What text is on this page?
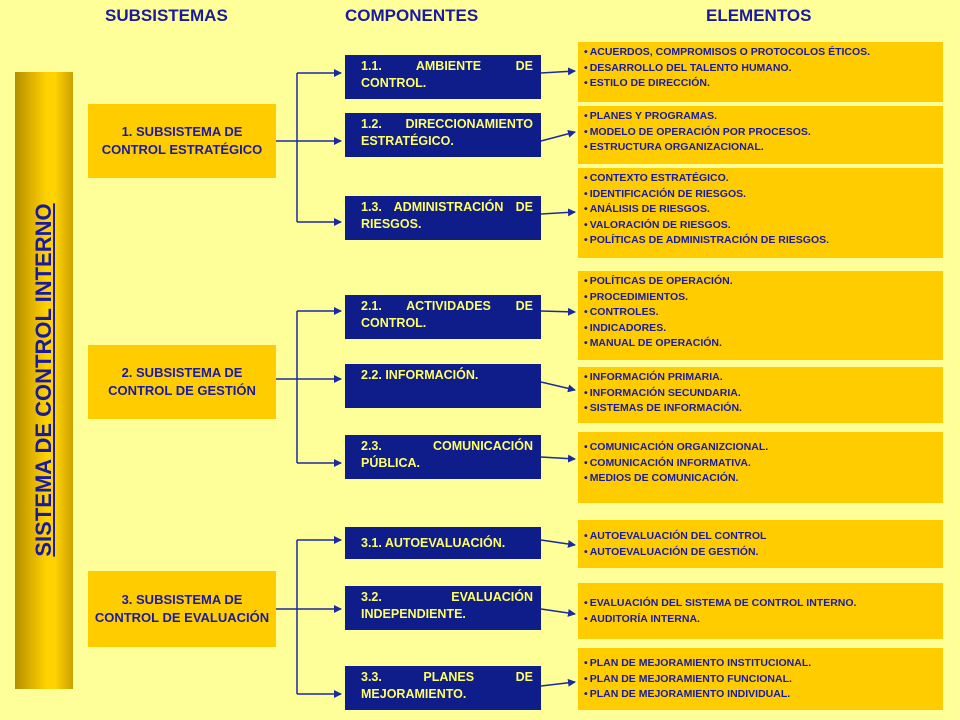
SUBSISTEMAS	COMPONENTES	ELEMENTOS
SISTEMA DE CONTROL INTERNO
1. SUBSISTEMA DE CONTROL ESTRATÉGICO
2. SUBSISTEMA DE CONTROL DE GESTIÓN
3. SUBSISTEMA DE CONTROL DE EVALUACIÓN
1.1. AMBIENTE DE CONTROL.
1.2. DIRECCIONAMIENTO ESTRATÉGICO.
1.3. ADMINISTRACIÓN DE RIESGOS.
2.1. ACTIVIDADES DE CONTROL.
2.2. INFORMACIÓN.
2.3. COMUNICACIÓN PÚBLICA.
3.1. AUTOEVALUACIÓN.
3.2. EVALUACIÓN INDEPENDIENTE.
3.3. PLANES DE MEJORAMIENTO.
• ACUERDOS, COMPROMISOS O PROTOCOLOS ÉTICOS.
• DESARROLLO DEL TALENTO HUMANO.
• ESTILO DE DIRECCIÓN.
• PLANES Y PROGRAMAS.
• MODELO DE OPERACIÓN POR PROCESOS.
• ESTRUCTURA ORGANIZACIONAL.
• CONTEXTO ESTRATÉGICO.
• IDENTIFICACIÓN DE RIESGOS.
• ANÁLISIS DE RIESGOS.
• VALORACIÓN DE RIESGOS.
• POLÍTICAS DE ADMINISTRACIÓN DE RIESGOS.
• POLÍTICAS DE OPERACIÓN.
• PROCEDIMIENTOS.
• CONTROLES.
• INDICADORES.
• MANUAL DE OPERACIÓN.
• INFORMACIÓN PRIMARIA.
• INFORMACIÓN SECUNDARIA.
• SISTEMAS DE INFORMACIÓN.
• COMUNICACIÓN ORGANIZCIONAL.
• COMUNICACIÓN INFORMATIVA.
• MEDIOS DE COMUNICACIÓN.
• AUTOEVALUACIÓN DEL CONTROL
• AUTOEVALUACIÓN DE GESTIÓN.
• EVALUACIÓN DEL SISTEMA DE CONTROL INTERNO.
• AUDITORÍA INTERNA.
• PLAN DE MEJORAMIENTO INSTITUCIONAL.
• PLAN DE MEJORAMIENTO FUNCIONAL.
• PLAN DE MEJORAMIENTO INDIVIDUAL.
